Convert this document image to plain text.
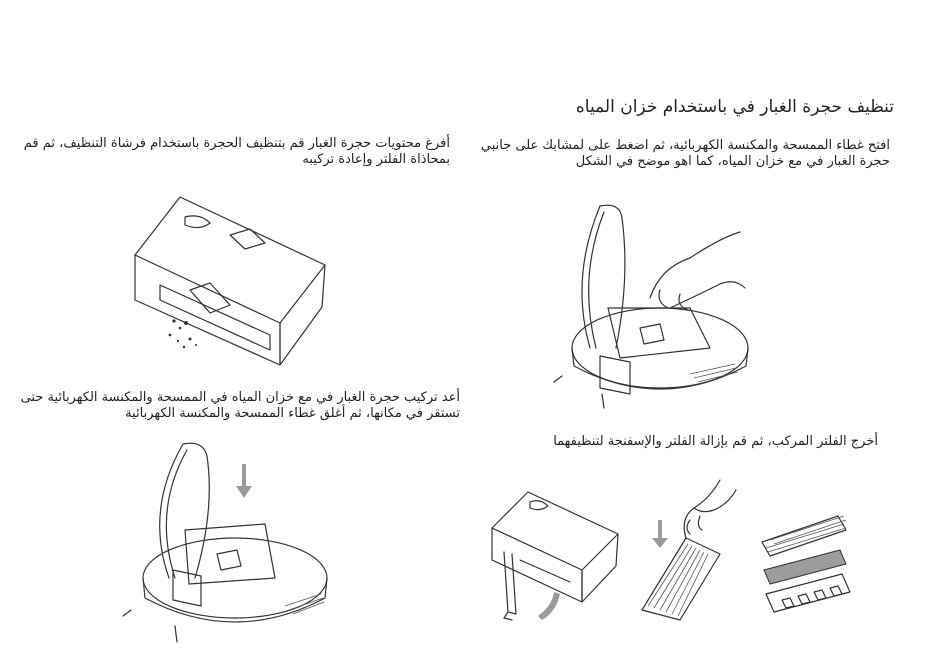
تنظيف حجرة الغبار في باستخدام خزان المياه
افتح غطاء الممسحة والمكنسة الكهربائية، ثم اضغط على لمشابك على جانبي حجرة الغبار في مع خزان المياه، كما اهو موضح في الشكل
أخرج الفلتر المركب، ثم قم بإزالة الفلتر والإسفنجة لتنظيفهما
أفرغ محتويات حجرة الغبار قم بتنظيف الحجرة باستخدام فرشاة التنظيف، ثم قم بمحاذاة الفلتر وإعادة تركيبه
أعد تركيب حجرة الغبار في مع خزان المياه في الممسحة والمكنسة الكهربائية حتى تستقر في مكانها، ثم أغلق غطاء الممسحة والمكنسة الكهربائية
